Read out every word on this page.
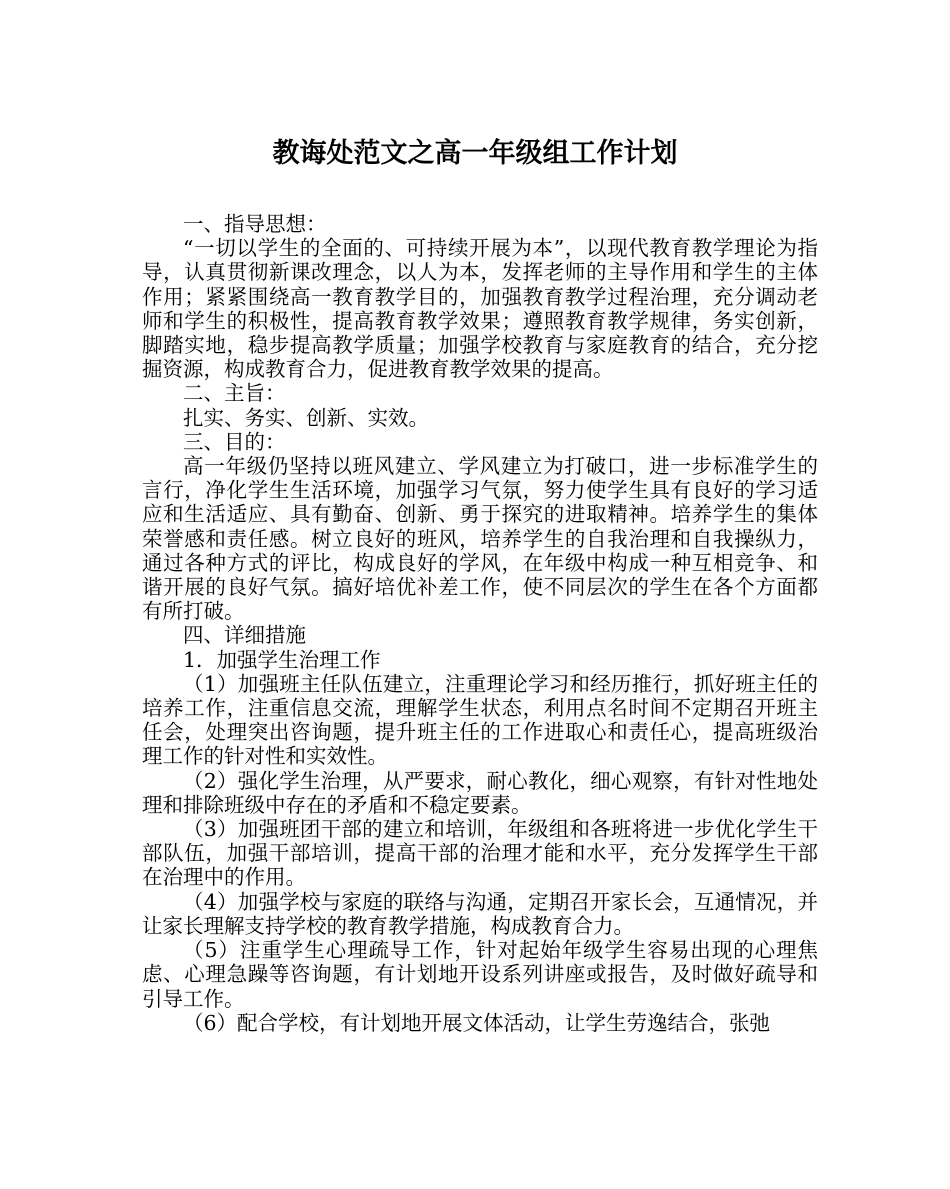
教诲处范文之高一年级组工作计划

一、指导思想：

“一切以学生的全面的、可持续开展为本”，以现代教育教学理论为指导，认真贯彻新课改理念，以人为本，发挥老师的主导作用和学生的主体作用；紧紧围绕高一教育教学目的，加强教育教学过程治理，充分调动老师和学生的积极性，提高教育教学效果；遵照教育教学规律，务实创新，脚踏实地，稳步提高教学质量；加强学校教育与家庭教育的结合，充分挖掘资源，构成教育合力，促进教育教学效果的提高。

二、主旨：

扎实、务实、创新、实效。

三、目的：

高一年级仍坚持以班风建立、学风建立为打破口，进一步标准学生的言行，净化学生生活环境，加强学习气氛，努力使学生具有良好的学习适应和生活适应、具有勤奋、创新、勇于探究的进取精神。培养学生的集体荣誉感和责任感。树立良好的班风，培养学生的自我治理和自我操纵力，通过各种方式的评比，构成良好的学风，在年级中构成一种互相竞争、和谐开展的良好气氛。搞好培优补差工作，使不同层次的学生在各个方面都有所打破。

四、详细措施

1．加强学生治理工作

（1）加强班主任队伍建立，注重理论学习和经历推行，抓好班主任的培养工作，注重信息交流，理解学生状态，利用点名时间不定期召开班主任会，处理突出咨询题，提升班主任的工作进取心和责任心，提高班级治理工作的针对性和实效性。

（2）强化学生治理，从严要求，耐心教化，细心观察，有针对性地处理和排除班级中存在的矛盾和不稳定要素。

（3）加强班团干部的建立和培训，年级组和各班将进一步优化学生干部队伍，加强干部培训，提高干部的治理才能和水平，充分发挥学生干部在治理中的作用。

（4）加强学校与家庭的联络与沟通，定期召开家长会，互通情况，并让家长理解支持学校的教育教学措施，构成教育合力。

（5）注重学生心理疏导工作，针对起始年级学生容易出现的心理焦虑、心理急躁等咨询题，有计划地开设系列讲座或报告，及时做好疏导和引导工作。

（6）配合学校，有计划地开展文体活动，让学生劳逸结合，张弛
